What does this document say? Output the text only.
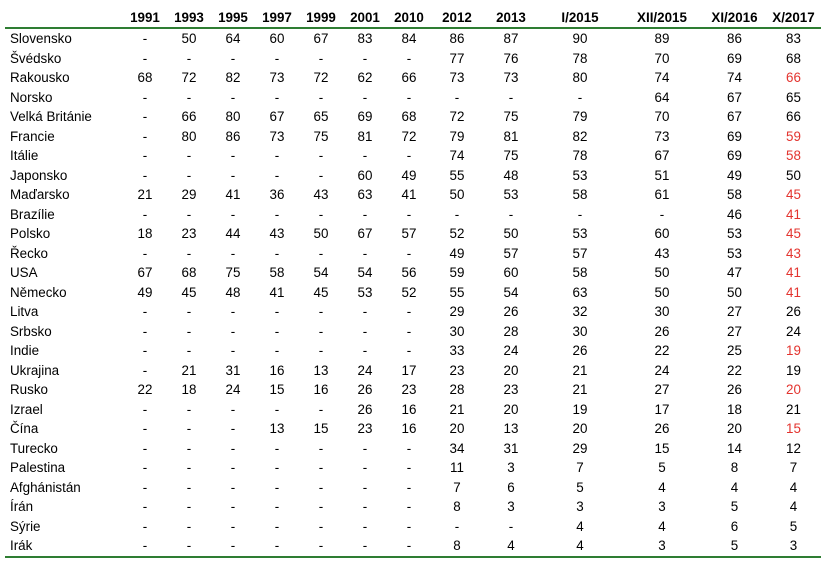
	1991	1993	1995	1997	1999	2001	2010	2012	2013	I/2015	XII/2015	XI/2016	X/2017
Slovensko	-	50	64	60	67	83	84	86	87	90	89	86	83
Švédsko	-	-	-	-	-	-	-	77	76	78	70	69	68
Rakousko	68	72	82	73	72	62	66	73	73	80	74	74	66
Norsko	-	-	-	-	-	-	-	-	-	-	64	67	65
Velká Británie	-	66	80	67	65	69	68	72	75	79	70	67	66
Francie	-	80	86	73	75	81	72	79	81	82	73	69	59
Itálie	-	-	-	-	-	-	-	74	75	78	67	69	58
Japonsko	-	-	-	-	-	60	49	55	48	53	51	49	50
Maďarsko	21	29	41	36	43	63	41	50	53	58	61	58	45
Brazílie	-	-	-	-	-	-	-	-	-	-	-	46	41
Polsko	18	23	44	43	50	67	57	52	50	53	60	53	45
Řecko	-	-	-	-	-	-	-	49	57	57	43	53	43
USA	67	68	75	58	54	54	56	59	60	58	50	47	41
Německo	49	45	48	41	45	53	52	55	54	63	50	50	41
Litva	-	-	-	-	-	-	-	29	26	32	30	27	26
Srbsko	-	-	-	-	-	-	-	30	28	30	26	27	24
Indie	-	-	-	-	-	-	-	33	24	26	22	25	19
Ukrajina	-	21	31	16	13	24	17	23	20	21	24	22	19
Rusko	22	18	24	15	16	26	23	28	23	21	27	26	20
Izrael	-	-	-	-	-	26	16	21	20	19	17	18	21
Čína	-	-	-	13	15	23	16	20	13	20	26	20	15
Turecko	-	-	-	-	-	-	-	34	31	29	15	14	12
Palestina	-	-	-	-	-	-	-	11	3	7	5	8	7
Afghánistán	-	-	-	-	-	-	-	7	6	5	4	4	4
Írán	-	-	-	-	-	-	-	8	3	3	3	5	4
Sýrie	-	-	-	-	-	-	-	-	-	4	4	6	5
Irák	-	-	-	-	-	-	-	8	4	4	3	5	3
